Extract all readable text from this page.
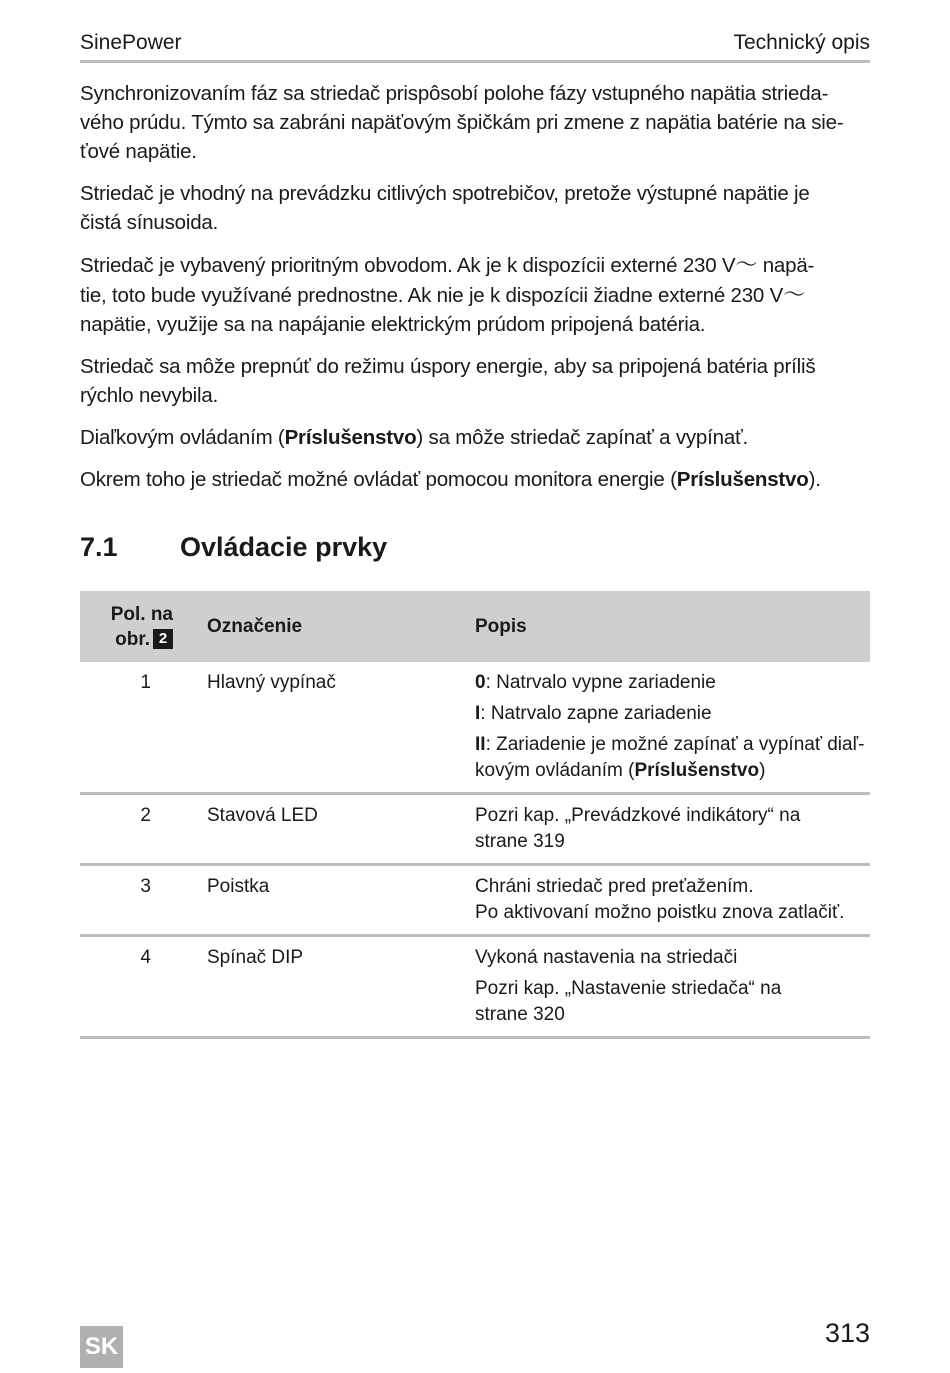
SinePower	Technický opis

Synchronizovaním fáz sa striedač prispôsobí polohe fázy vstupného napätia strieda-
vého prúdu. Týmto sa zabráni napäťovým špičkám pri zmene z napätia batérie na sie-
ťové napätie.

Striedač je vhodný na prevádzku citlivých spotrebičov, pretože výstupné napätie je
čistá sínusoida.

Striedač je vybavený prioritným obvodom. Ak je k dispozícii externé 230 V～ napä-
tie, toto bude využívané prednostne. Ak nie je k dispozícii žiadne externé 230 V～
napätie, využije sa na napájanie elektrickým prúdom pripojená batéria.

Striedač sa môže prepnúť do režimu úspory energie, aby sa pripojená batéria príliš
rýchlo nevybila.

Diaľkovým ovládaním (Príslušenstvo) sa môže striedač zapínať a vypínať.

Okrem toho je striedač možné ovládať pomocou monitora energie (Príslušenstvo).

7.1 Ovládacie prvky
Pol. na
obr. 2	Označenie	Popis
1	Hlavný vypínač	0: Natrvalo vypne zariadenie

I: Natrvalo zapne zariadenie

II: Zariadenie je možné zapínať a vypínať diaľ-
kovým ovládaním (Príslušenstvo)

2	Stavová LED	Pozri kap. „Prevádzkové indikátory“ na
strane 319

3	Poistka	Chráni striedač pred preťažením.
Po aktivovaní možno poistku znova zatlačiť.

4	Spínač DIP	Vykoná nastavenia na striedači

Pozri kap. „Nastavenie striedača“ na
strane 320

313
SK
